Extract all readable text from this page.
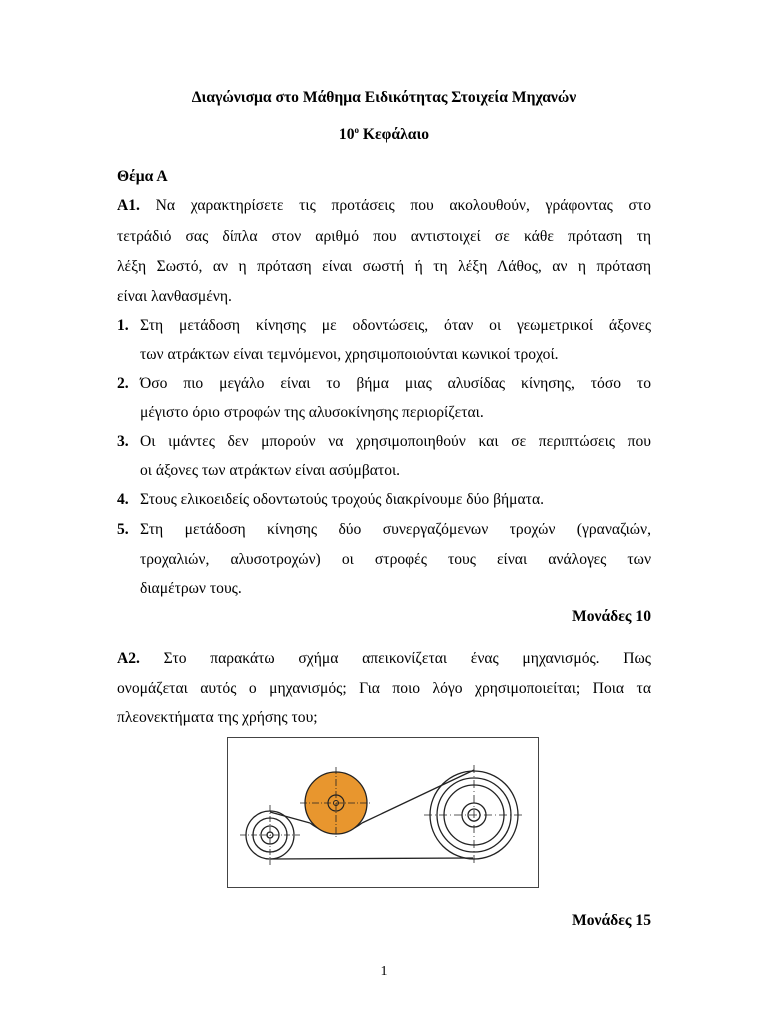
Διαγώνισμα στο Μάθημα Ειδικότητας Στοιχεία Μηχανών
$10^o$ Κεφάλαιο
Θέμα Α
Α1. Να χαρακτηρίσετε τις προτάσεις που ακολουθούν, γράφοντας στο
τετράδιό σας δίπλα στον αριθμό που αντιστοιχεί σε κάθε πρόταση τη
λέξη Σωστό, αν η πρόταση είναι σωστή ή τη λέξη Λάθος, αν η πρόταση
είναι λανθασμένη.
1. Στη μετάδοση κίνησης με οδοντώσεις, όταν οι γεωμετρικοί άξονες
των ατράκτων είναι τεμνόμενοι, χρησιμοποιούνται κωνικοί τροχοί.
2. Όσο πιο μεγάλο είναι το βήμα μιας αλυσίδας κίνησης, τόσο το
μέγιστο όριο στροφών της αλυσοκίνησης περιορίζεται.
3. Οι ιμάντες δεν μπορούν να χρησιμοποιηθούν και σε περιπτώσεις που
οι άξονες των ατράκτων είναι ασύμβατοι.
4. Στους ελικοειδείς οδοντωτούς τροχούς διακρίνουμε δύο βήματα.
5. Στη μετάδοση κίνησης δύο συνεργαζόμενων τροχών (γραναζιών,
τροχαλιών, αλυσοτροχών) οι στροφές τους είναι ανάλογες των
διαμέτρων τους.
Μονάδες 10
Α2. Στο παρακάτω σχήμα απεικονίζεται ένας μηχανισμός. Πως
ονομάζεται αυτός ο μηχανισμός; Για ποιο λόγο χρησιμοποιείται; Ποια τα
πλεονεκτήματα της χρήσης του;
Μονάδες 15
1
